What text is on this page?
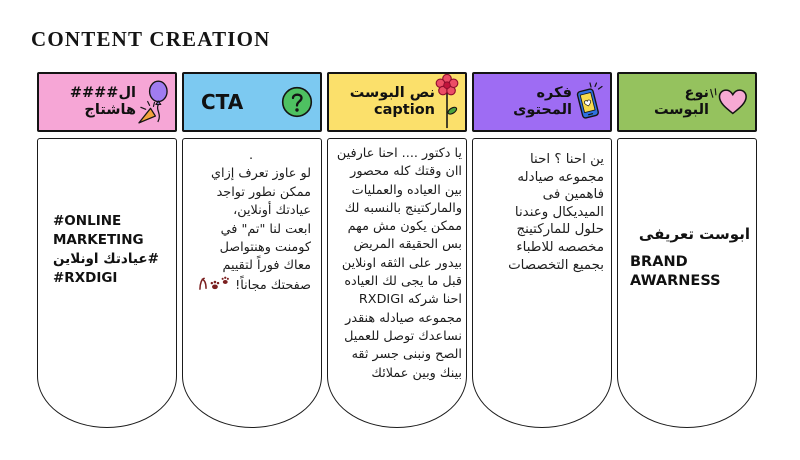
CONTENT CREATION
ال####
هاشتاج
#ONLINE
MARKETING
#عيادتك اونلاين
#RXDIGI
CTA
.
لو عاوز تعرف إزاي
ممكن نطور تواجد
عيادتك أونلاين،
ابعت لنا "تم" في
كومنت وهنتواصل
معاك فوراً لتقييم
صفحتك مجاناً!
نص البوست
caption
يا دكتور .... احنا عارفين
اان وقتك كله محصور
بين العياده والعمليات
والماركتينج بالنسبه لك
ممكن يكون مش مهم
بس الحقيقه المريض
بيدور على الثقه اونلاين
قبل ما يجى لك العياده
احنا شركه RXDIGI
مجموعه صيادله هنقدر
نساعدك توصل للعميل
الصح ونبنى جسر ثقه
بينك وبين عملائك
فكره المحتوى
ين احنا ؟ احنا
مجموعه صيادله
فاهمين فى
الميديكال وعندنا
حلول للماركتينج
مخصصه للاطباء
بجميع التخصصات
نوع البوست
ابوست تعريفى
BRAND AWARNESS
